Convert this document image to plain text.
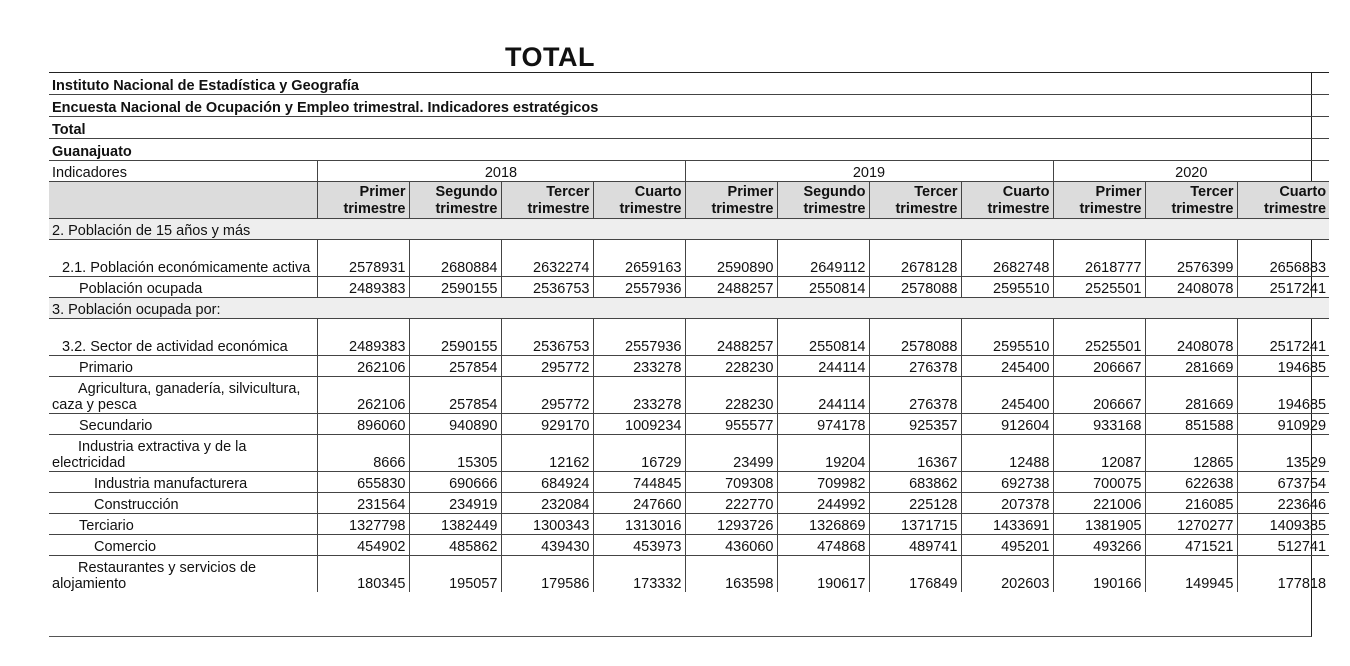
TOTAL
Instituto Nacional de Estadística y Geografía											
Encuesta Nacional de Ocupación y Empleo trimestral. Indicadores estratégicos											
Total											
Guanajuato											
Indicadores	2018				2019				2020		
	Primer trimestre	Segundo trimestre	Tercer trimestre	Cuarto trimestre	Primer trimestre	Segundo trimestre	Tercer trimestre	Cuarto trimestre	Primer trimestre	Tercer trimestre	Cuarto trimestre
2. Población de 15 años y más											
2.1. Población económicamente activa	2578931	2680884	2632274	2659163	2590890	2649112	2678128	2682748	2618777	2576399	2656883
Población ocupada	2489383	2590155	2536753	2557936	2488257	2550814	2578088	2595510	2525501	2408078	2517241
3. Población ocupada por:											
3.2. Sector de actividad económica	2489383	2590155	2536753	2557936	2488257	2550814	2578088	2595510	2525501	2408078	2517241
Primario	262106	257854	295772	233278	228230	244114	276378	245400	206667	281669	194685
Agricultura, ganadería, silvicultura, caza y pesca	262106	257854	295772	233278	228230	244114	276378	245400	206667	281669	194685
Secundario	896060	940890	929170	1009234	955577	974178	925357	912604	933168	851588	910929
Industria extractiva y de la electricidad	8666	15305	12162	16729	23499	19204	16367	12488	12087	12865	13529
Industria manufacturera	655830	690666	684924	744845	709308	709982	683862	692738	700075	622638	673754
Construcción	231564	234919	232084	247660	222770	244992	225128	207378	221006	216085	223646
Terciario	1327798	1382449	1300343	1313016	1293726	1326869	1371715	1433691	1381905	1270277	1409385
Comercio	454902	485862	439430	453973	436060	474868	489741	495201	493266	471521	512741
Restaurantes y servicios de alojamiento	180345	195057	179586	173332	163598	190617	176849	202603	190166	149945	177818
